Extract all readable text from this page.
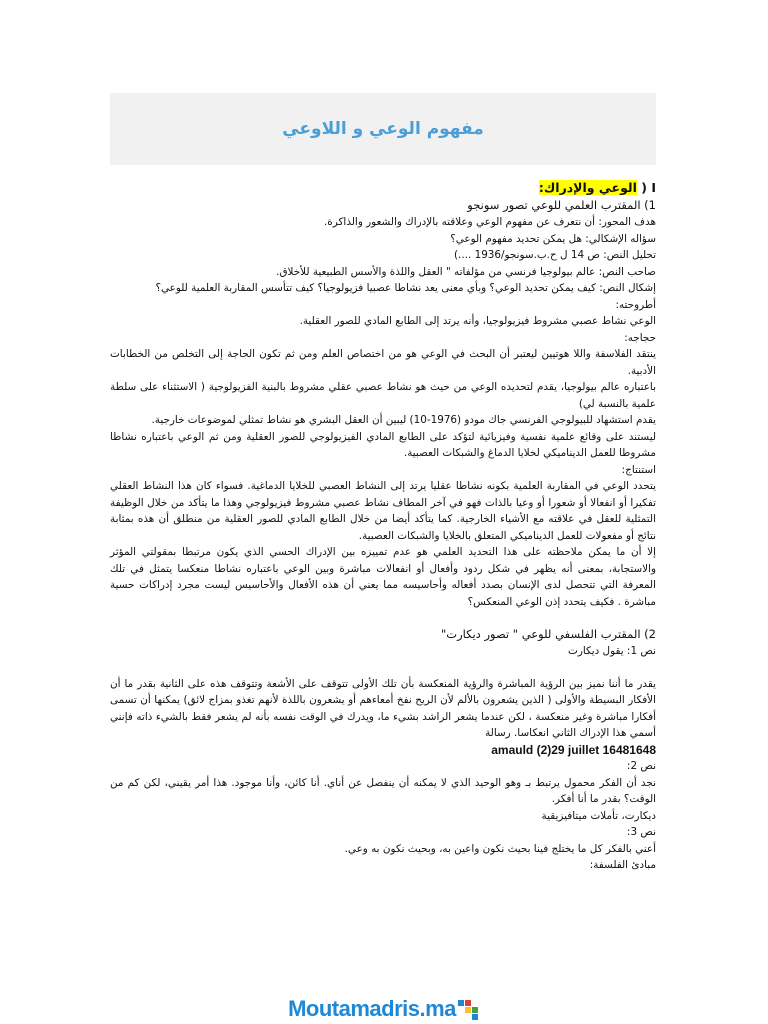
مفهوم الوعي و اللاوعي
I ( الوعي والإدراك:
1) المقترب العلمي للوعي تصور سونجو
هدف المحور: أن نتعرف عن مفهوم الوعي وعلاقته بالإدراك والشعور والذاكرة.
سؤاله الإشكالي: هل يمكن تحديد مفهوم الوعي؟
تحليل النص: ص 14 ل ح.ب.سونجو/1936 ....)
صاحب النص: عالم بيولوجيا فرنسي من مؤلفاته " العقل واللذة والأسس الطبيعية للأخلاق.
إشكال النص: كيف يمكن تحديد الوعي؟ وبأي معنى يعد نشاطا عصبيا فزيولوجيا؟ كيف تتأسس المقاربة العلمية للوعي؟
أطروحته:
الوعي نشاط عصبي مشروط فيزيولوجيا، وأنه يرتد إلى الطابع المادي للصور العقلية.
حجاجه:
ينتقد الفلاسفة واللا هوتيين ليعتبر أن البحث في الوعي هو من اختصاص العلم ومن ثم تكون الحاجة إلى التخلص من الخطابات الأدبية.
باعتباره عالم بيولوجيا، يقدم لتحديده الوعي من حيث هو نشاط عصبي عقلي مشروط بالبنية الفزيولوجية ( الاستثناء على سلطة علمية بالنسبة لي)
يقدم استشهاد للبيولوجي الفرنسي جاك مودو (1976-10) ليبين أن العقل البشري هو نشاط تمثلي لموضوعات خارجية.
ليستند على وقائع علمية نفسية وفيزيائية لتؤكد على الطابع المادي الفيزيولوجي للصور العقلية ومن ثم الوعي باعتباره نشاطا مشروطا للعمل الديناميكي لخلايا الدماغ والشبكات العصبية.
استنتاج:
يتحدد الوعي في المقاربة العلمية بكونه نشاطا عقليا يرتد إلى النشاط العصبي للخلايا الدماغية. فسواء كان هذا النشاط العقلي تفكيرا أو انفعالا أو شعورا أو وعيا بالذات فهو في آخر المطاف نشاط عصبي مشروط فيزيولوجي وهذا ما يتأكد من خلال الوظيفة التمثلية للعقل في علاقته مع الأشياء الخارجية. كما يتأكد أيضا من خلال الطابع المادي للصور العقلية من منطلق أن هذه بمثابة نتائج أو مفعولات للعمل الديناميكي المتعلق بالخلايا والشبكات العصبية.
إلا أن ما يمكن ملاحظته على هذا التحديد العلمي هو عدم تمييزه بين الإدراك الحسي الذي يكون مرتبطا بمقولتي المؤثر والاستجابة، بمعنى أنه يظهر في شكل ردود وأفعال أو انفعالات مباشرة وبين الوعي باعتباره نشاطا منعكسا يتمثل في تلك المعرفة التي تتحصل لدى الإنسان بصدد أفعاله وأحاسيسه مما يعني أن هذه الأفعال والأحاسيس ليست مجرد إدراكات حسية مباشرة . فكيف يتحدد إذن الوعي المنعكس؟
2) المقترب الفلسفي للوعي " تصور ديكارت"
نص 1: يقول ديكارت
يقدر ما أننا نميز بين الرؤية المباشرة والرؤية المنعكسة بأن تلك الأولى تتوقف على الأشعة وتتوقف هذه على الثانية بقدر ما أن الأفكار البسيطة والأولى ( الذين يشعرون بالألم لأن الريح نفخ أمعاءهم أو يشعرون باللذة لأنهم تغذو بمزاج لائق) يمكنها أن تسمى أفكارا مباشرة وغير منعكسة ، لكن عندما يشعر الراشد بشيء ما، ويدرك في الوقت نفسه بأنه لم يشعر فقط بالشيء ذاته فإنني أسمي هذا الإدراك الثاني انعكاسا. رسالة
amauld (2)29 juillet 16481648
نص 2:
نجد أن الفكر محمول يرتبط بـ وهو الوحيد الذي لا يمكنه أن ينفصل عن أناي. أنا كائن، وأنا موجود. هذا أمر يقيني، لكن كم من الوقت؟ بقدر ما أنا أفكر.
ديكارت، تأملات ميتافيزيقية
نص 3:
أعني بالفكر كل ما يختلج فينا بحيث نكون واعين به، وبحيث نكون به وعي.
مبادئ الفلسفة:
Moutamadris.ma
